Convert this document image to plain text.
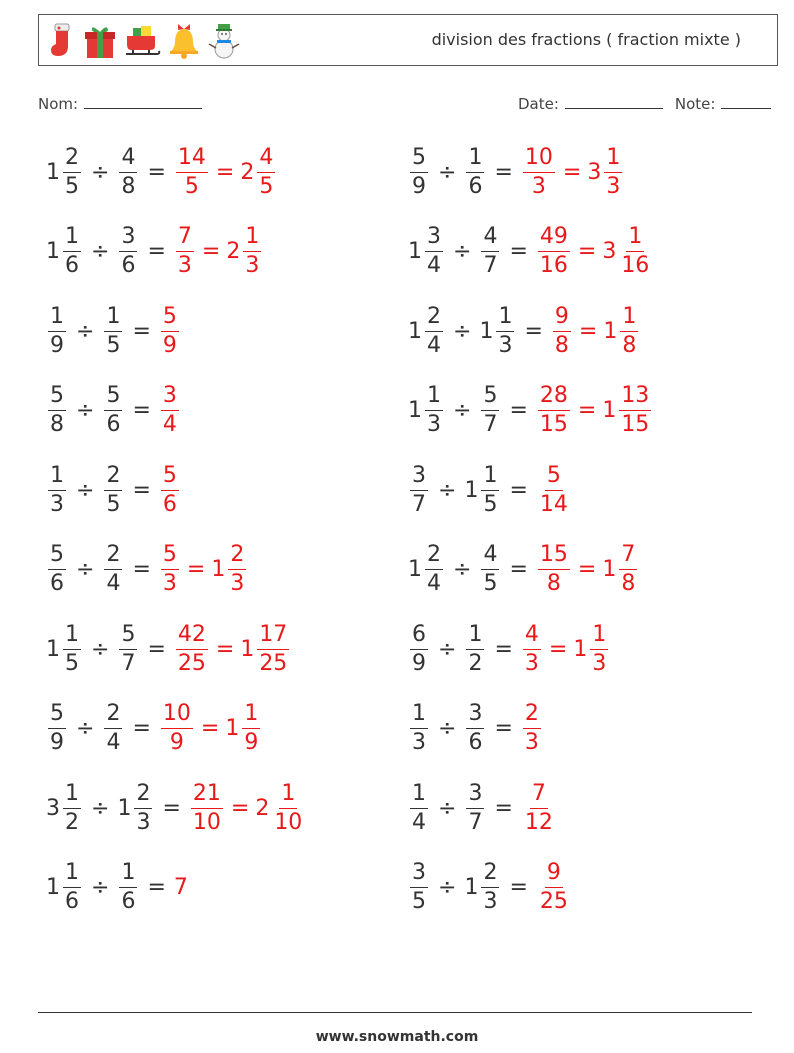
division des fractions ( fraction mixte )
Nom:	Date:	Note:
$1 \frac{2}{5} \div \frac{4}{8} = \frac{14}{5} = 2 \frac{4}{5}$	$\frac{5}{9} \div \frac{1}{6} = \frac{10}{3} = 3 \frac{1}{3}$
$1 \frac{1}{6} \div \frac{3}{6} = \frac{7}{3} = 2 \frac{1}{3}$	$1 \frac{3}{4} \div \frac{4}{7} = \frac{49}{16} = 3 \frac{1}{16}$
$\frac{1}{9} \div \frac{1}{5} = \frac{5}{9}$	$1 \frac{2}{4} \div 1 \frac{1}{3} = \frac{9}{8} = 1 \frac{1}{8}$
$\frac{5}{8} \div \frac{5}{6} = \frac{3}{4}$	$1 \frac{1}{3} \div \frac{5}{7} = \frac{28}{15} = 1 \frac{13}{15}$
$\frac{1}{3} \div \frac{2}{5} = \frac{5}{6}$	$\frac{3}{7} \div 1 \frac{1}{5} = \frac{5}{14}$
$\frac{5}{6} \div \frac{2}{4} = \frac{5}{3} = 1 \frac{2}{3}$	$1 \frac{2}{4} \div \frac{4}{5} = \frac{15}{8} = 1 \frac{7}{8}$
$1 \frac{1}{5} \div \frac{5}{7} = \frac{42}{25} = 1 \frac{17}{25}$	$\frac{6}{9} \div \frac{1}{2} = \frac{4}{3} = 1 \frac{1}{3}$
$\frac{5}{9} \div \frac{2}{4} = \frac{10}{9} = 1 \frac{1}{9}$	$\frac{1}{3} \div \frac{3}{6} = \frac{2}{3}$
$3 \frac{1}{2} \div 1 \frac{2}{3} = \frac{21}{10} = 2 \frac{1}{10}$	$\frac{1}{4} \div \frac{3}{7} = \frac{7}{12}$
$1 \frac{1}{6} \div \frac{1}{6} = 7$	$\frac{3}{5} \div 1 \frac{2}{3} = \frac{9}{25}$
www.snowmath.com
